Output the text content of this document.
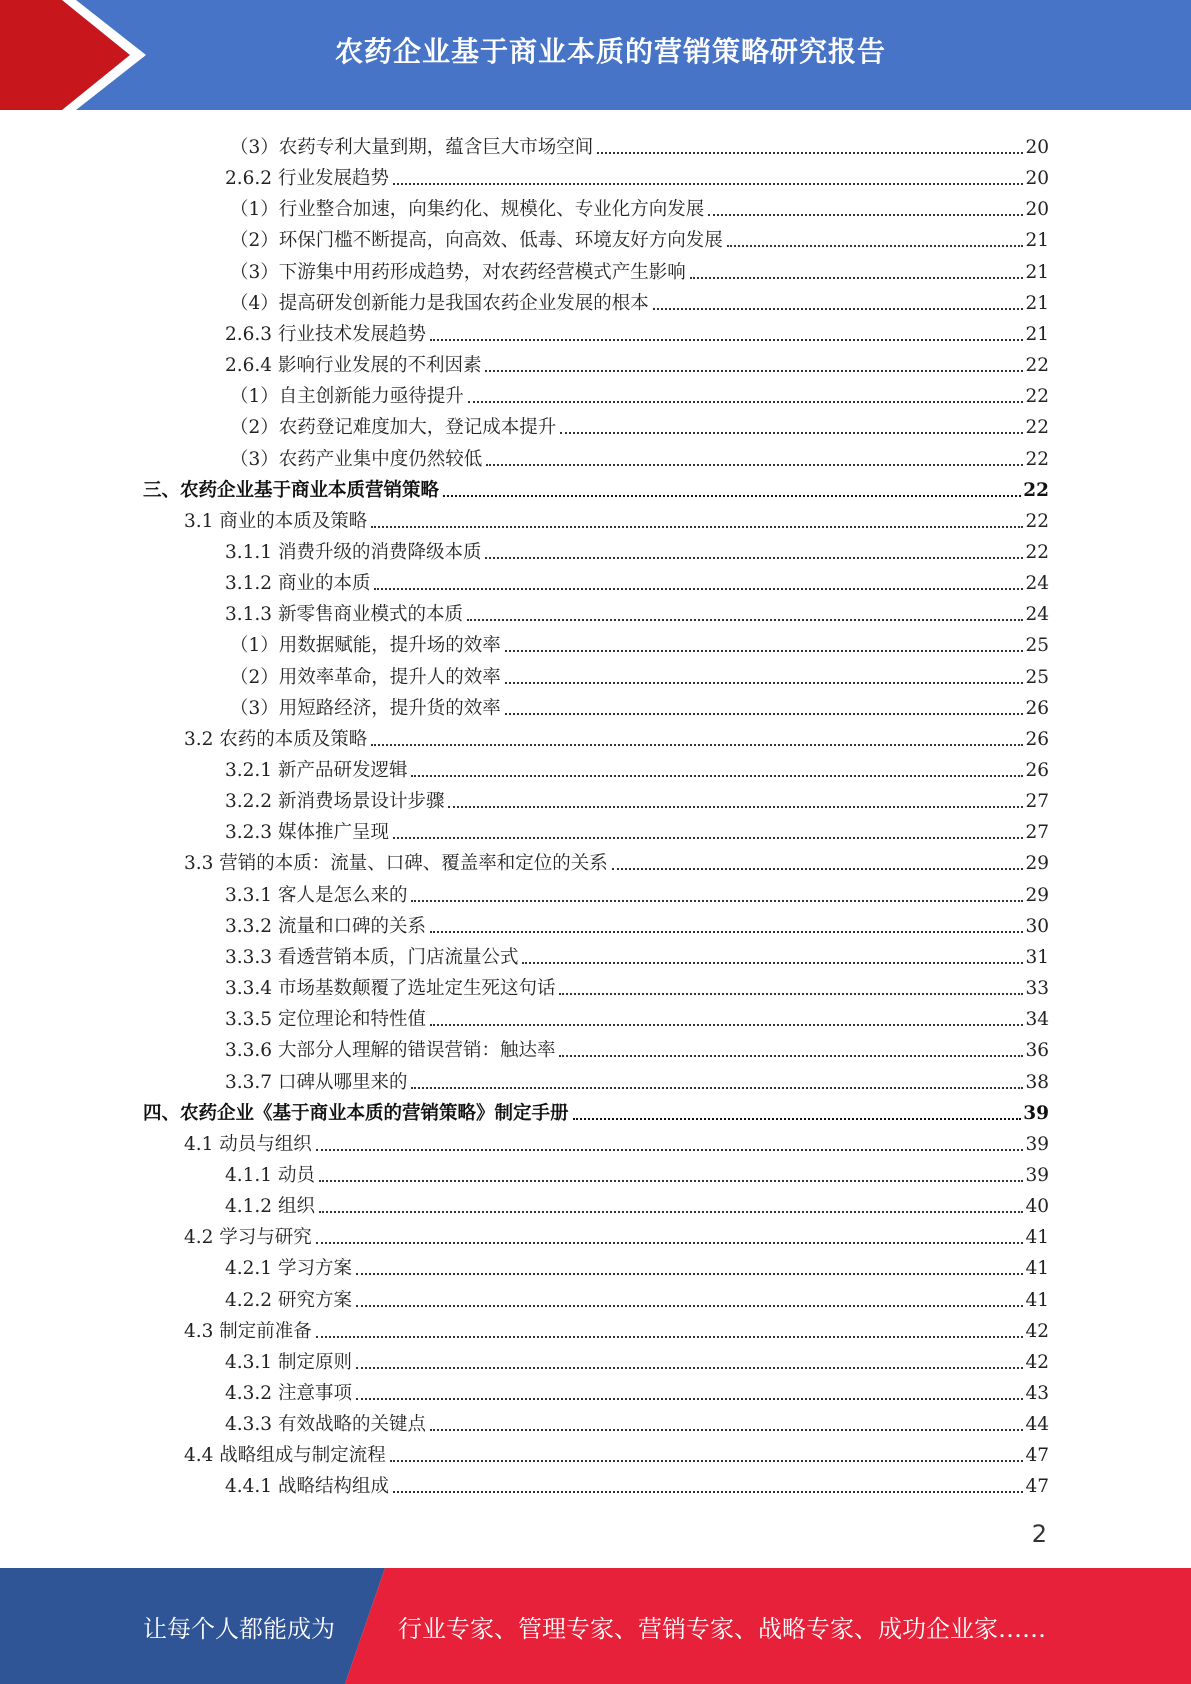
农药企业基于商业本质的营销策略研究报告
（3）农药专利大量到期，蕴含巨大市场空间	20
2.6.2 行业发展趋势	20
（1）行业整合加速，向集约化、规模化、专业化方向发展	20
（2）环保门槛不断提高，向高效、低毒、环境友好方向发展	21
（3）下游集中用药形成趋势，对农药经营模式产生影响	21
（4）提高研发创新能力是我国农药企业发展的根本	21
2.6.3 行业技术发展趋势	21
2.6.4 影响行业发展的不利因素	22
（1）自主创新能力亟待提升	22
（2）农药登记难度加大，登记成本提升	22
（3）农药产业集中度仍然较低	22
三、农药企业基于商业本质营销策略	22
3.1 商业的本质及策略	22
3.1.1 消费升级的消费降级本质	22
3.1.2 商业的本质	24
3.1.3 新零售商业模式的本质	24
（1）用数据赋能，提升场的效率	25
（2）用效率革命，提升人的效率	25
（3）用短路经济，提升货的效率	26
3.2 农药的本质及策略	26
3.2.1 新产品研发逻辑	26
3.2.2 新消费场景设计步骤	27
3.2.3 媒体推广呈现	27
3.3 营销的本质：流量、口碑、覆盖率和定位的关系	29
3.3.1 客人是怎么来的	29
3.3.2 流量和口碑的关系	30
3.3.3 看透营销本质，门店流量公式	31
3.3.4 市场基数颠覆了选址定生死这句话	33
3.3.5 定位理论和特性值	34
3.3.6 大部分人理解的错误营销：触达率	36
3.3.7 口碑从哪里来的	38
四、农药企业《基于商业本质的营销策略》制定手册	39
4.1 动员与组织	39
4.1.1 动员	39
4.1.2 组织	40
4.2 学习与研究	41
4.2.1 学习方案	41
4.2.2 研究方案	41
4.3 制定前准备	42
4.3.1 制定原则	42
4.3.2 注意事项	43
4.3.3 有效战略的关键点	44
4.4 战略组成与制定流程	47
4.4.1 战略结构组成	47
2
让每个人都能成为	行业专家、管理专家、营销专家、战略专家、成功企业家……
